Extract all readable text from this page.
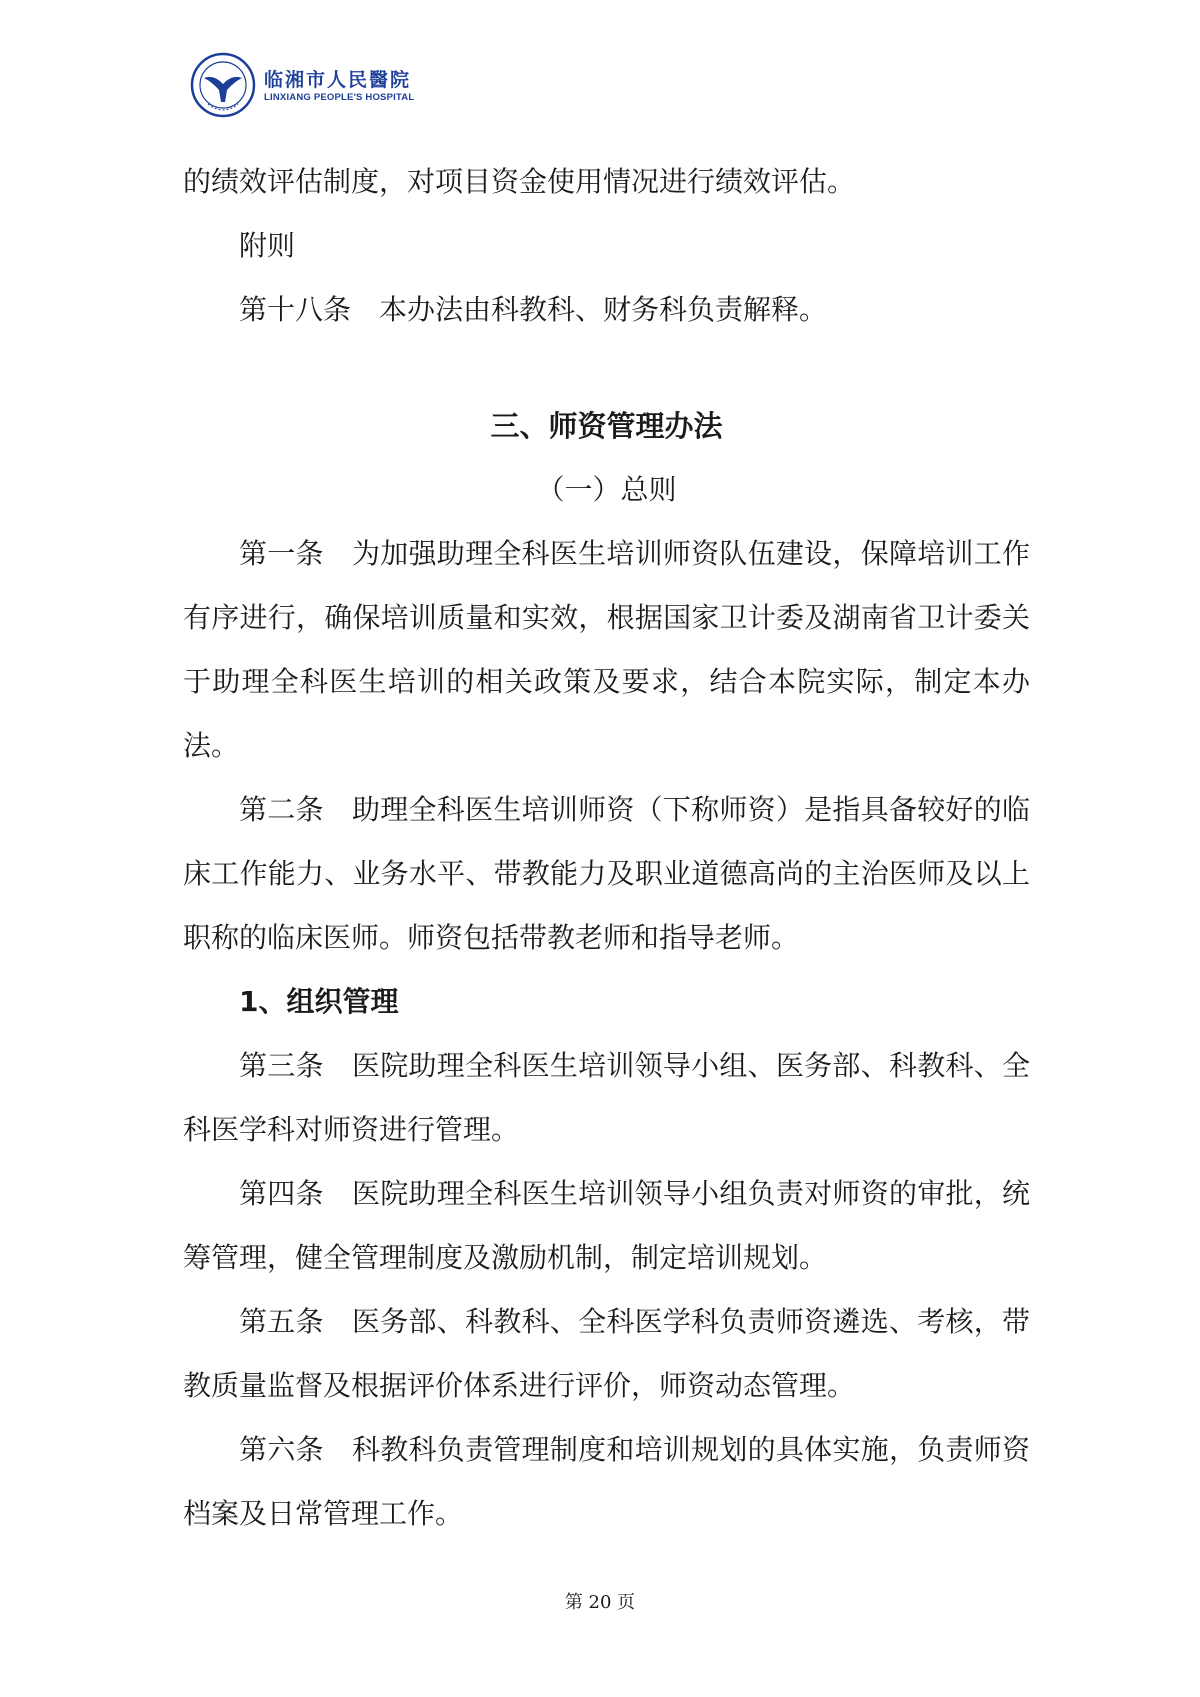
临湘市人民醫院
LINXIANG PEOPLE'S HOSPITAL

的绩效评估制度，对项目资金使用情况进行绩效评估。

附则

第十八条　本办法由科教科、财务科负责解释。

三、师资管理办法

（一）总则

第一条　为加强助理全科医生培训师资队伍建设，保障培训工作有序进行，确保培训质量和实效，根据国家卫计委及湖南省卫计委关于助理全科医生培训的相关政策及要求，结合本院实际，制定本办法。

第二条　助理全科医生培训师资（下称师资）是指具备较好的临床工作能力、业务水平、带教能力及职业道德高尚的主治医师及以上职称的临床医师。师资包括带教老师和指导老师。

1、组织管理

第三条　医院助理全科医生培训领导小组、医务部、科教科、全科医学科对师资进行管理。

第四条　医院助理全科医生培训领导小组负责对师资的审批，统筹管理，健全管理制度及激励机制，制定培训规划。

第五条　医务部、科教科、全科医学科负责师资遴选、考核，带教质量监督及根据评价体系进行评价，师资动态管理。

第六条　科教科负责管理制度和培训规划的具体实施，负责师资档案及日常管理工作。

第 20 页
